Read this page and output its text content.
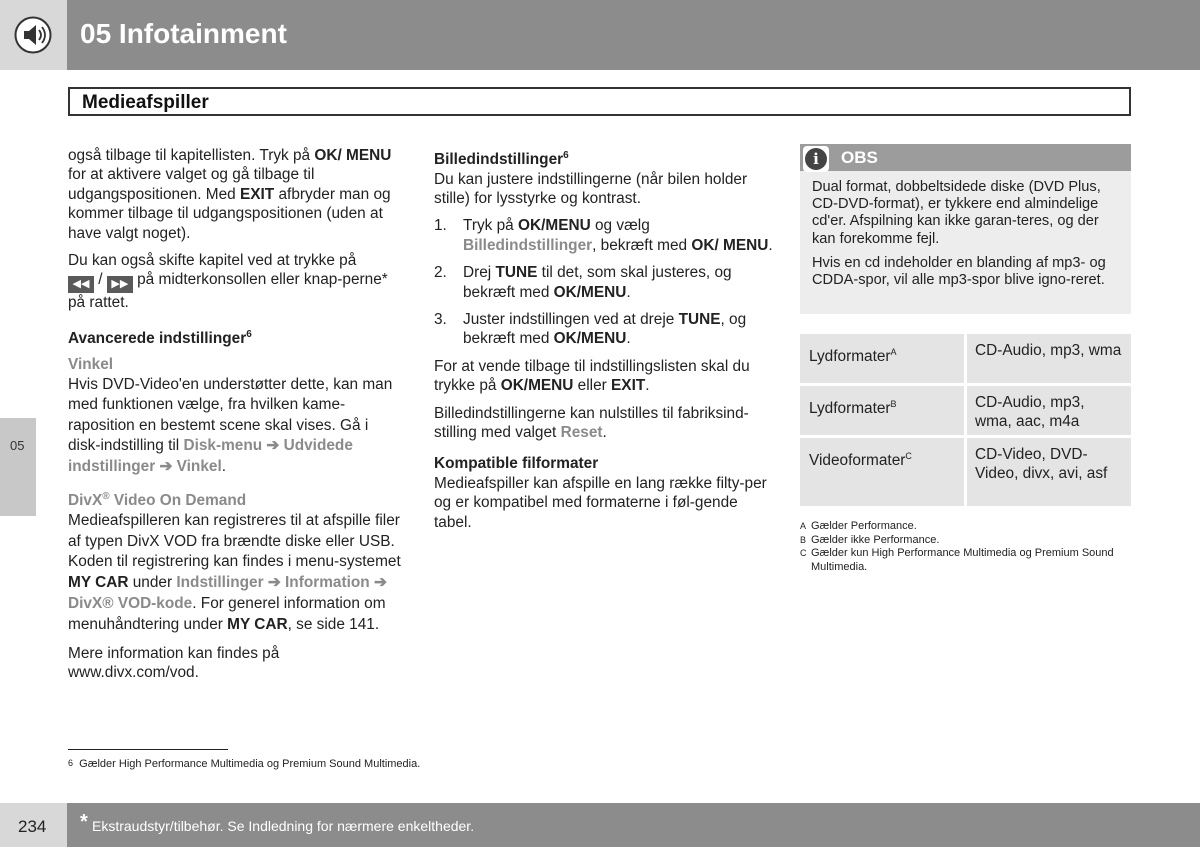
05 Infotainment
Medieafspiller
05

også tilbage til kapitellisten. Tryk på OK/ MENU for at aktivere valget og gå tilbage til udgangspositionen. Med EXIT afbryder man og kommer tilbage til udgangspositionen (uden at have valgt noget).

Du kan også skifte kapitel ved at trykke på
◀◀ / ▶▶ på midterkonsollen eller knap-perne* på rattet.

Avancerede indstillinger$^6$
Vinkel

Hvis DVD-Video'en understøtter dette, kan man med funktionen vælge, fra hvilken kame-raposition en bestemt scene skal vises. Gå i disk-indstilling til Disk-menu ➔ Udvidede indstillinger ➔ Vinkel.

DivX® Video On Demand

Medieafspilleren kan registreres til at afspille filer af typen DivX VOD fra brændte diske eller USB. Koden til registrering kan findes i menu-systemet MY CAR under Indstillinger ➔ Information ➔ DivX® VOD-kode. For generel information om menuhåndtering under MY CAR, se side 141.

Mere information kan findes på www.divx.com/vod.

Billedindstillinger$^6$

Du kan justere indstillingerne (når bilen holder stille) for lysstyrke og kontrast.

1. Tryk på OK/MENU og vælg Billedindstillinger, bekræft med OK/ MENU.
2. Drej TUNE til det, som skal justeres, og bekræft med OK/MENU.
3. Juster indstillingen ved at dreje TUNE, og bekræft med OK/MENU.

For at vende tilbage til indstillingslisten skal du trykke på OK/MENU eller EXIT.

Billedindstillingerne kan nulstilles til fabriksind-stilling med valget Reset.

Kompatible filformater

Medieafspiller kan afspille en lang række filty-per og er kompatibel med formaterne i føl-gende tabel.

i	OBS

Dual format, dobbeltsidede diske (DVD Plus, CD-DVD-format), er tykkere end almindelige cd'er. Afspilning kan ikke garan-teres, og der kan forekomme fejl.

Hvis en cd indeholder en blanding af mp3- og CDDA-spor, vil alle mp3-spor blive igno-reret.

Lydformater$^A$	CD-Audio, mp3, wma
Lydformater$^B$	CD-Audio, mp3, wma, aac, m4a
Videoformater$^C$	CD-Video, DVD-Video, divx, avi, asf
A Gælder Performance.
B Gælder ikke Performance.
C Gælder kun High Performance Multimedia og Premium Sound Multimedia.
6 Gælder High Performance Multimedia og Premium Sound Multimedia.
234 * Ekstraudstyr/tilbehør. Se Indledning for nærmere enkeltheder.
